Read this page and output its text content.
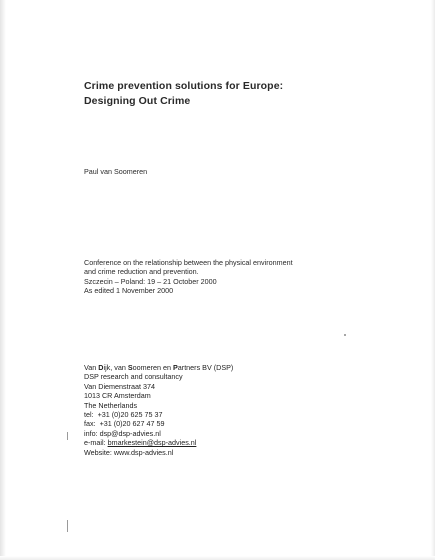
Crime prevention solutions for Europe:
Designing Out Crime

Paul van Soomeren

Conference on the relationship between the physical environment
and crime reduction and prevention.
Szczecin – Poland: 19 – 21 October 2000
As edited 1 November 2000
Van Dijk, van Soomeren en Partners BV (DSP)
DSP research and consultancy
Van Diemenstraat 374
1013 CR Amsterdam
The Netherlands
tel:  +31 (0)20 625 75 37
fax:  +31 (0)20 627 47 59
info: dsp@dsp-advies.nl
e-mail: bmarkestein@dsp-advies.nl
Website: www.dsp-advies.nl
